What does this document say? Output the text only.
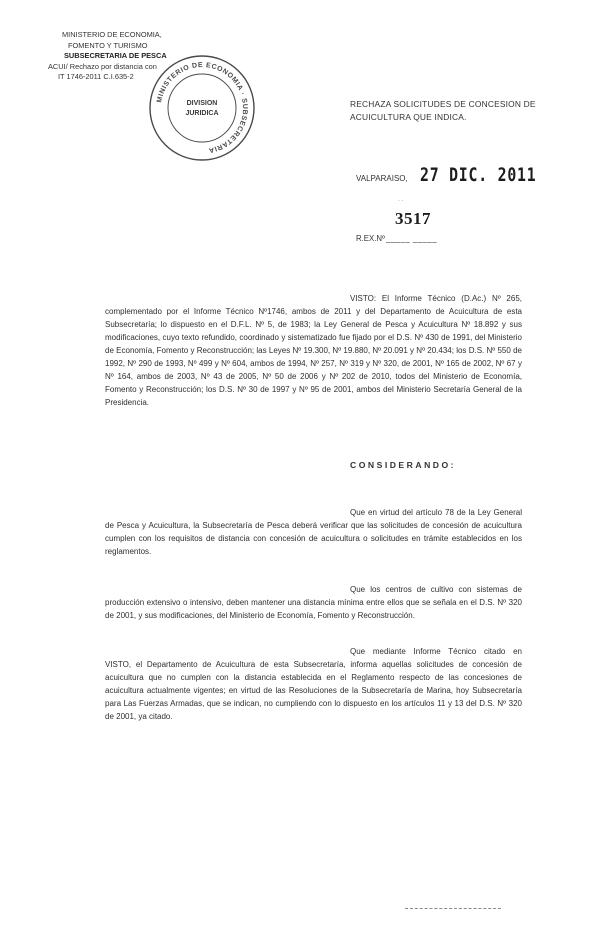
MINISTERIO DE ECONOMIA,
FOMENTO Y TURISMO
SUBSECRETARIA DE PESCA
ACUI/ Rechazo por distancia con
IT 1746-2011 C.I.635-2
MINISTERIO DE ECONOMIA · SUBSECRETARIA
DIVISION
JURIDICA
RECHAZA SOLICITUDES DE CONCESION DE ACUICULTURA QUE INDICA.
VALPARAISO, 27 DIC. 2011
· ·
3517
R.EX.Nº _____ _____
VISTO: El Informe Técnico (D.Ac.) Nº 265, complementado por el Informe Técnico Nº1746, ambos de 2011 y del Departamento de Acuicultura de esta Subsecretaría; lo dispuesto en el D.F.L. Nº 5, de 1983; la Ley General de Pesca y Acuicultura Nº 18.892 y sus modificaciones, cuyo texto refundido, coordinado y sistematizado fue fijado por el D.S. Nº 430 de 1991, del Ministerio de Economía, Fomento y Reconstrucción; las Leyes Nº 19.300, Nº 19.880, Nº 20.091 y Nº 20.434; los D.S. Nº 550 de 1992, Nº 290 de 1993, Nº 499 y Nº 604, ambos de 1994, Nº 257, Nº 319 y Nº 320, de 2001, Nº 165 de 2002, Nº 67 y Nº 164, ambos de 2003, Nº 43 de 2005, Nº 50 de 2006 y Nº 202 de 2010, todos del Ministerio de Economía, Fomento y Reconstrucción; los D.S. Nº 30 de 1997 y Nº 95 de 2001, ambos del Ministerio Secretaría General de la Presidencia.
CONSIDERANDO:
Que en virtud del artículo 78 de la Ley General de Pesca y Acuicultura, la Subsecretaría de Pesca deberá verificar que las solicitudes de concesión de acuicultura cumplen con los requisitos de distancia con concesión de acuicultura o solicitudes en trámite establecidos en los reglamentos.
Que los centros de cultivo con sistemas de producción extensivo o intensivo, deben mantener una distancia mínima entre ellos que se señala en el D.S. Nº 320 de 2001, y sus modificaciones, del Ministerio de Economía, Fomento y Reconstrucción.
Que mediante Informe Técnico citado en VISTO, el Departamento de Acuicultura de esta Subsecretaría, informa aquellas solicitudes de concesión de acuicultura que no cumplen con la distancia establecida en el Reglamento respecto de las concesiones de acuicultura actualmente vigentes; en virtud de las Resoluciones de la Subsecretaría de Marina, hoy Subsecretaría para Las Fuerzas Armadas, que se indican, no cumpliendo con lo dispuesto en los artículos 11 y 13 del D.S. Nº 320 de 2001, ya citado.
